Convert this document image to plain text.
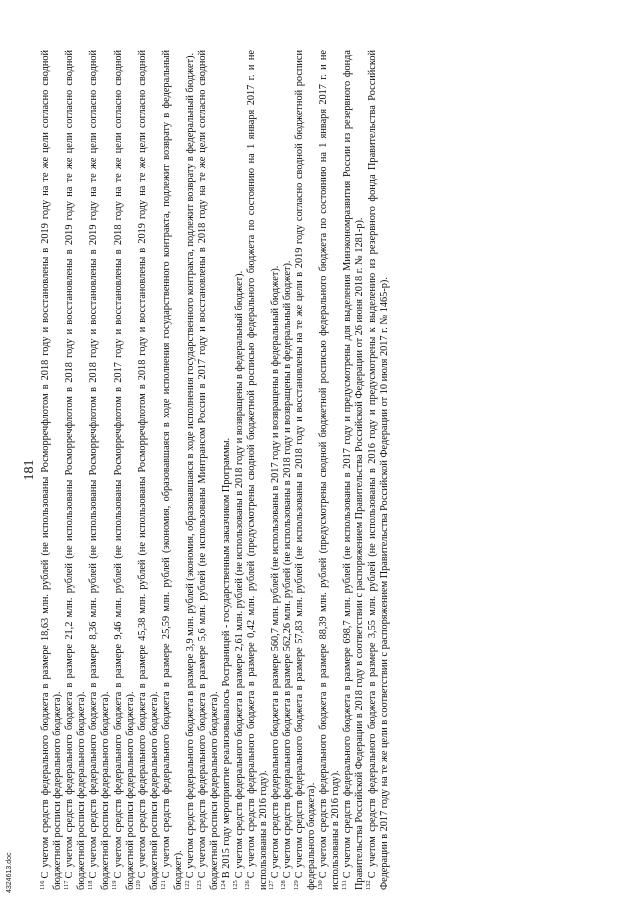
181

$^{116}$С учетом средств федерального бюджета в размере 18,63 млн. рублей (не использованы Росморречфлотом в 2018 году и восстановлены в 2019 году на те же цели согласно сводной бюджетной росписи федерального бюджета). $^{117}$С учетом средств федерального бюджета в размере 21,2 млн. рублей (не использованы Росморречфлотом в 2018 году и восстановлены в 2019 году на те же цели согласно сводной бюджетной росписи федерального бюджета). $^{118}$С учетом средств федерального бюджета в размере 8,36 млн. рублей (не использованы Росморречфлотом в 2018 году и восстановлены в 2019 году на те же цели согласно сводной бюджетной росписи федерального бюджета). $^{119}$С учетом средств федерального бюджета в размере 9,46 млн. рублей (не использованы Росморречфлотом в 2017 году и восстановлены в 2018 году на те же цели согласно сводной бюджетной росписи федерального бюджета). $^{120}$С учетом средств федерального бюджета в размере 45,38 млн. рублей (не использованы Росморречфлотом в 2018 году и восстановлены в 2019 году на те же цели согласно сводной бюджетной росписи федерального бюджета). $^{121}$С учетом средств федерального бюджета в размере 25,59 млн. рублей (экономия, образовавшаяся в ходе исполнения государственного контракта, подлежит возврату в федеральный бюджет). $^{122}$С учетом средств федерального бюджета в размере 3,9 млн. рублей (экономия, образовавшаяся в ходе исполнения государственного контракта, подлежит возврату в федеральный бюджет).

$^{123}$С учетом средств федерального бюджета в размере 5,6 млн. рублей (не использованы Минтрансом России в 2017 году и восстановлены в 2018 году на те же цели согласно сводной бюджетной росписи федерального бюджета). $^{124}$В 2015 году мероприятие реализовывалось Росграницей - государственным заказчиком Программы.

$^{125}$С учетом средств федерального бюджета в размере 2,61 млн. рублей (не использованы в 2018 году и возвращены в федеральный бюджет).

$^{126}$С учетом средств федерального бюджета в размере 0,42 млн. рублей (предусмотрены сводной бюджетной росписью федерального бюджета по состоянию на 1 января 2017 г. и не использованы в 2016 году). $^{127}$С учетом средств федерального бюджета в размере 560,7 млн. рублей (не использованы в 2017 году и возвращены в федеральный бюджет).

$^{128}$С учетом средств федерального бюджета в размере 562,26 млн. рублей (не использованы в 2018 году и возвращены в федеральный бюджет).

$^{129}$С учетом средств федерального бюджета в размере 57,83 млн. рублей (не использованы в 2018 году и восстановлены на те же цели в 2019 году согласно сводной бюджетной росписи федерального бюджета). $^{130}$С учетом средств федерального бюджета в размере 88,39 млн. рублей (предусмотрены сводной бюджетной росписью федерального бюджета по состоянию на 1 января 2017 г. и не использованы в 2016 году). $^{131}$С учетом средств федерального бюджета в размере 698,7 млн. рублей (не использованы в 2017 году и предусмотрены для выделения Минэкономразвития России из резервного фонда Правительства Российской Федерации в 2018 году в соответствии с распоряжением Правительства Российской Федерации от 26 июня 2018 г. № 1281-р). $^{132}$С учетом средств федерального бюджета в размере 3,55 млн. рублей (не использованы в 2016 году и предусмотрены к выделению из резервного фонда Правительства Российской Федерации в 2017 году на те же цели в соответствии с распоряжением Правительства Российской Федерации от 10 июля 2017 г. № 1465-р).

4324613.doc
